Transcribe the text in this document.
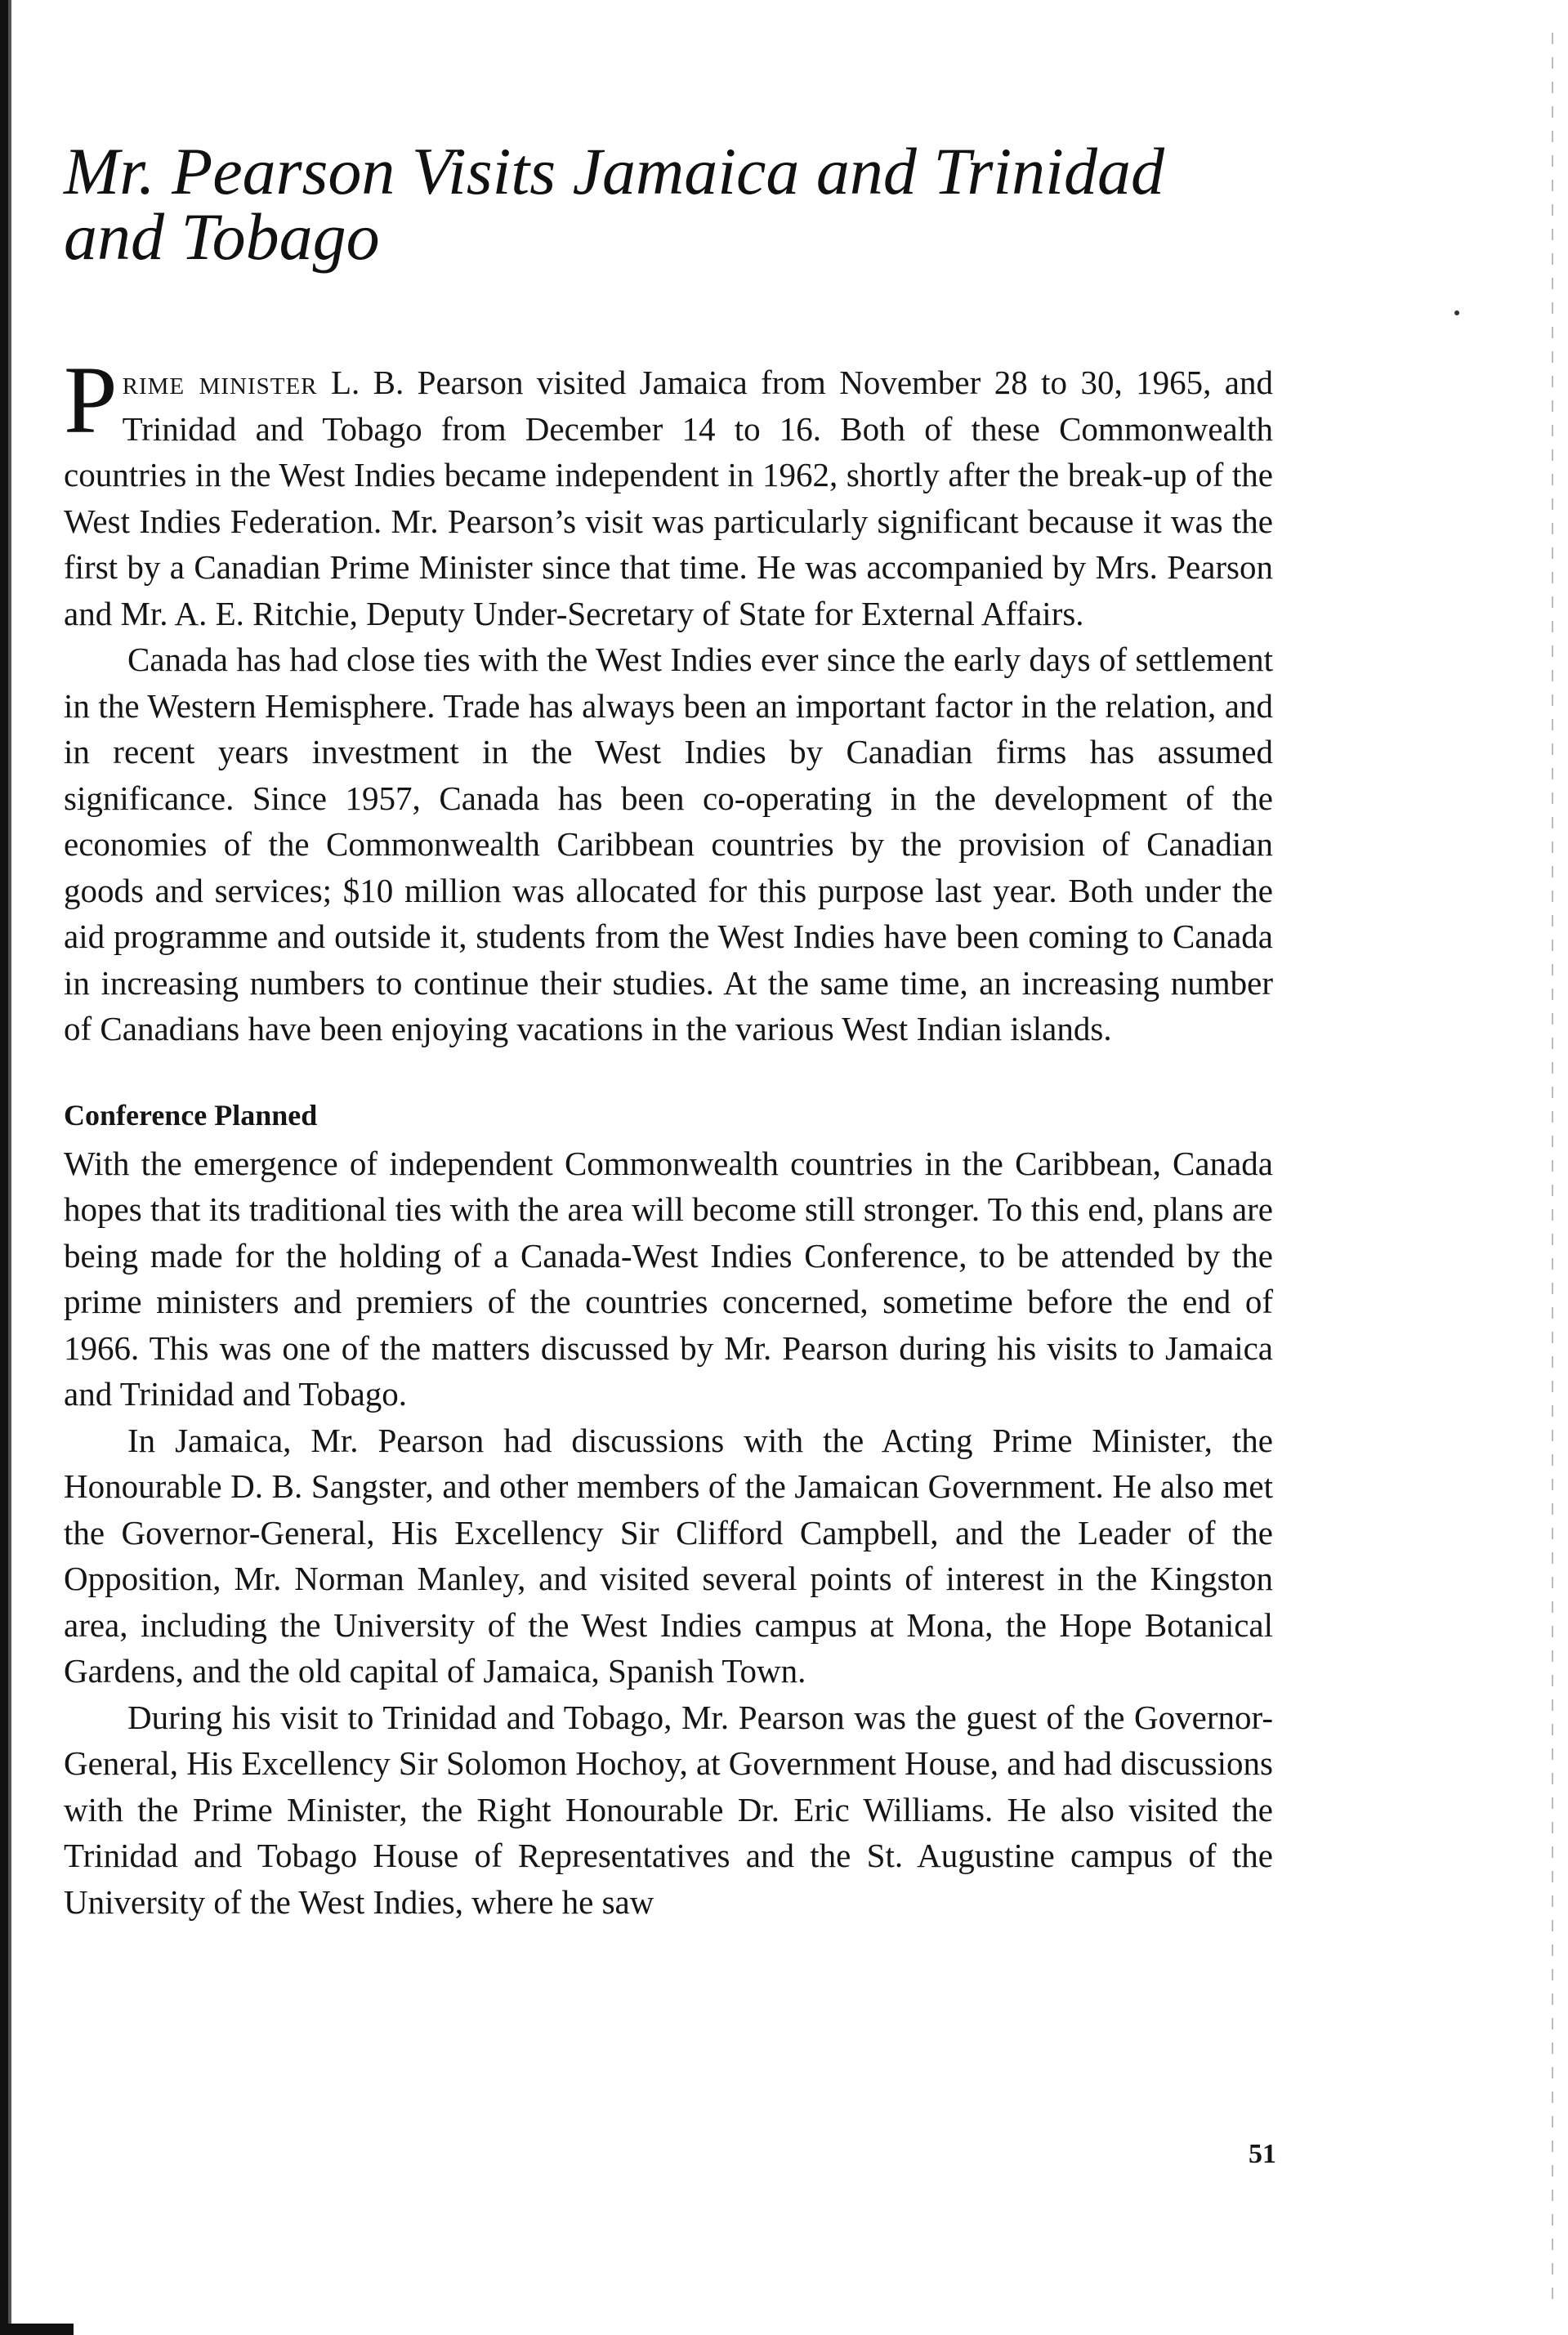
Mr. Pearson Visits Jamaica and Trinidad and Tobago

Prime minister L. B. Pearson visited Jamaica from November 28 to 30, 1965, and Trinidad and Tobago from December 14 to 16. Both of these Commonwealth countries in the West Indies became independent in 1962, shortly after the break-up of the West Indies Federation. Mr. Pearson’s visit was particularly significant because it was the first by a Canadian Prime Minister since that time. He was accompanied by Mrs. Pearson and Mr. A. E. Ritchie, Deputy Under-Secretary of State for External Affairs.

Canada has had close ties with the West Indies ever since the early days of settlement in the Western Hemisphere. Trade has always been an important factor in the relation, and in recent years investment in the West Indies by Canadian firms has assumed significance. Since 1957, Canada has been co-operating in the development of the economies of the Commonwealth Caribbean countries by the provision of Canadian goods and services; $10 million was allocated for this purpose last year. Both under the aid programme and outside it, students from the West Indies have been coming to Canada in increasing numbers to continue their studies. At the same time, an increasing number of Canadians have been enjoying vacations in the various West Indian islands.

Conference Planned

With the emergence of independent Commonwealth countries in the Caribbean, Canada hopes that its traditional ties with the area will become still stronger. To this end, plans are being made for the holding of a Canada-West Indies Conference, to be attended by the prime ministers and premiers of the countries concerned, sometime before the end of 1966. This was one of the matters discussed by Mr. Pearson during his visits to Jamaica and Trinidad and Tobago.

In Jamaica, Mr. Pearson had discussions with the Acting Prime Minister, the Honourable D. B. Sangster, and other members of the Jamaican Government. He also met the Governor-General, His Excellency Sir Clifford Campbell, and the Leader of the Opposition, Mr. Norman Manley, and visited several points of interest in the Kingston area, including the University of the West Indies campus at Mona, the Hope Botanical Gardens, and the old capital of Jamaica, Spanish Town.

During his visit to Trinidad and Tobago, Mr. Pearson was the guest of the Governor-General, His Excellency Sir Solomon Hochoy, at Government House, and had discussions with the Prime Minister, the Right Honourable Dr. Eric Williams. He also visited the Trinidad and Tobago House of Representatives and the St. Augustine campus of the University of the West Indies, where he saw

51
